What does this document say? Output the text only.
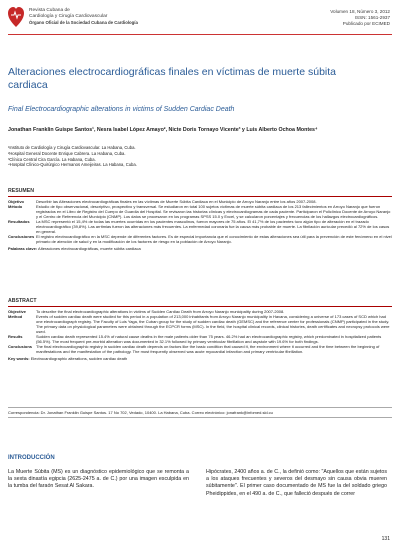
Revista Cubana de
Cardiología y Cirugía Cardiovascular
Órgano Oficial de la Sociedad Cubana de Cardiología
Volumen 18, Número 3, 2012
ISSN: 1561-2937
Publicado por ECIMED
Alteraciones electrocardiográficas finales en víctimas de muerte súbita cardiaca
Final Electrocardiographic alterations in victims of Sudden Cardiac Death
Jonathan Franklin Guispe Santos¹, Nesra Isabel López Amayo², Nicte Doris Tornayo Vicente³ y Luis Alberto Ochoa Montes⁴
¹Instituto de Cardiología y Cirugía Cardiovascular. La Habana, Cuba.
²Hospital General Docente Enrique Cabrera. La Habana, Cuba.
³Clínica Central Cira García. La Habana, Cuba.
⁴Hospital Clínico-Quirúrgico Hermanos Ameijeiras. La Habana, Cuba.
RESUMEN
Objetivo	Describir las Alteraciones electrocardiográficas finales en las víctimas de Muerte Súbita Cardiaca en el Municipio de Arroyo Naranjo entre los años 2007-2008.
Método	Estudio de tipo observacional, descriptivo, prospectivo y transversal. Se estudiaron en total 100 sujetos víctimas de muerte súbita cardiaca de los 213 fallecimientos en Arroyo Naranjo que fueron registrados en el Libro de Registro del Cuerpo de Guardia del Hospital. Se revisaron las historias clínicas y electrocardiogramas de cada paciente. Participaron el Policlínico Docente de Arroyo Naranjo y el Centro de Referencia del Municipio (CNMP). Los datos se procesaron en los programas SPSS 15.0 y Excel, y se calcularon porcentajes y frecuencias de los hallazgos electrocardiográficos.
Resultados	La MSC representó el 15,4% de todas las muertes ocurridas en los pacientes masculinos, fueron mayores de 75 años. El 41,7% de los pacientes tuvo algún tipo de alteración en el trazado electrocardiográfico (39,8%). Las arritmias fueron las alteraciones más frecuentes. La enfermedad coronaria fue la causa más probable de muerte. La fibrilación auricular precedió al 72% de los casos en general.
Conclusiones El registro electrocardiográfico en la MSC depende de diferentes factores. Es de especial importancia que el conocimiento de estas alteraciones sea útil para la prevención de este fenómeno en el nivel primario de atención de salud y en la modificación de los factores de riesgo en la población de Arroyo Naranjo.
Palabras clave: Alteraciones electrocardiográficas, muerte súbita cardiaca
ABSTRACT
Objective	To describe the final electrocardiographic alterations in victims of Sudden Cardiac Death from Arroyo Naranjo municipality during 2007-2008.
Method	Events of sudden cardiac death were studied for this period in a population of 213,000 inhabitants from Arroyo Naranjo municipality in Havana, considering a universe of 173 cases of SCD which had one electrocardiograph registry. The Faculty of Luis Yaga, the Cuban group for the study of sudden cardiac death (GEMSC) and the reference center for professionals (CNMP) participated in the study. The primary data on physiological parameters were obtained through the ECPCR forms (MSC). In the field, the hospital clinical records, clinical histories, death certificates and necropsy protocols were used.
Results	Sudden cardiac death represented 15.4% of natural cause deaths in the male patients older than 75 years. 46.2% had an electrocardiographic registry, which predominated in hospitalized patients (56.5%). The most frequent pre-morbid alteration was documented in 32.1% followed by primary ventricular fibrillation and asystole with 19.6% for both findings.
Conclusions The final electrocardiographic registry in sudden cardiac death depends on factors like the basic condition that caused it, the environment where it occurred and the time between the beginning of manifestations and the manifestation of the pathology. The most frequently observed was acute myocardial infarction and primary ventricular fibrillation.
Key words: Electrocardiographic alterations, sudden cardiac death
Correspondencia: Dr. Jonathan Franklin Guispe Santos. 17 No 702, Vedado, 10400. La Habana, Cuba. Correo electrónico: jonafrank@infomed.sld.cu
INTRODUCCIÓN
La Muerte Súbita (MS) es un diagnóstico epidemiológico que se remonta a la sexta dinastía egipcia (2625-2475 a. de C.) por una imagen esculpida en la tumba del faraón Sesat Al Sakara.
Hipócrates, 2400 años a. de C., la definió como: "Aquellos que están sujetos a los ataques frecuentes y severos del desmayo sin causa obvia mueren súbitamente". El primer caso documentado de MS fue la del soldado griego Pheidippides, en el 490 a. de C., que falleció después de correr
131
